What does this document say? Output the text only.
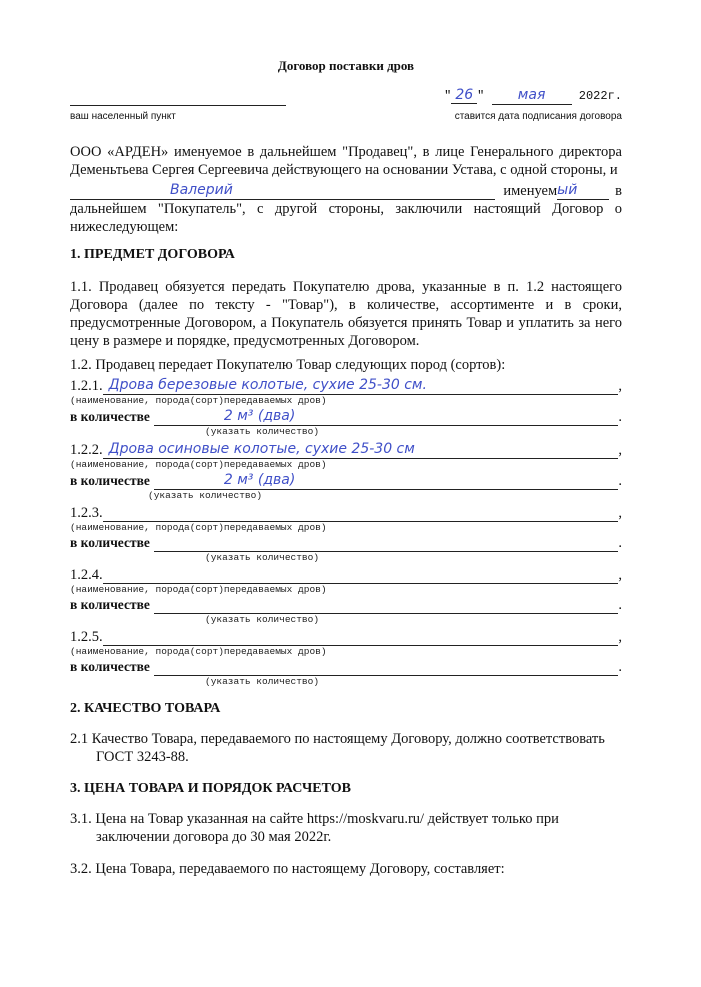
Договор поставки дров
ваш населенный пункт
" 26 " мая	2022г.
ставится дата подписания договора

ООО «АРДЕН» именуемое в дальнейшем "Продавец", в лице Генерального директора Деменьтьева Сергея Сергеевича действующего на основании Устава, с одной стороны, и

Валерий	именуем ый	в

дальнейшем "Покупатель", с другой стороны, заключили настоящий Договор о нижеследующем:

1. ПРЕДМЕТ ДОГОВОРА

1.1. Продавец обязуется передать Покупателю дрова, указанные в п. 1.2 настоящего Договора (далее по тексту - "Товар"), в количестве, ассортименте и в сроки, предусмотренные Договором, а Покупатель обязуется принять Товар и уплатить за него цену в размере и порядке, предусмотренных Договором.

1.2. Продавец передает Покупателю Товар следующих пород (сортов):

1.2.1. Дрова березовые колотые, сухие 25-30 см.	,
(наименование, порода(сорт)передаваемых дров)
в количестве	2 м³ (два)	.
(указать количество)
1.2.2. Дрова осиновые колотые, сухие 25-30 см	,
(наименование, порода(сорт)передаваемых дров)
в количестве	2 м³ (два)	.
(указать количество)
1.2.3.	,
(наименование, порода(сорт)передаваемых дров)
в количестве	.
(указать количество)
1.2.4.	,
(наименование, порода(сорт)передаваемых дров)
в количестве	.
(указать количество)
1.2.5.	,
(наименование, порода(сорт)передаваемых дров)
в количестве	.
(указать количество)
2. КАЧЕСТВО ТОВАРА

2.1 Качество Товара, передаваемого по настоящему Договору, должно соответствовать

ГОСТ 3243-88.
3. ЦЕНА ТОВАРА И ПОРЯДОК РАСЧЕТОВ

3.1. Цена на Товар указанная на сайте https://moskvaru.ru/ действует только при

заключении договора до 30 мая 2022г.
3.2. Цена Товара, передаваемого по настоящему Договору, составляет:
